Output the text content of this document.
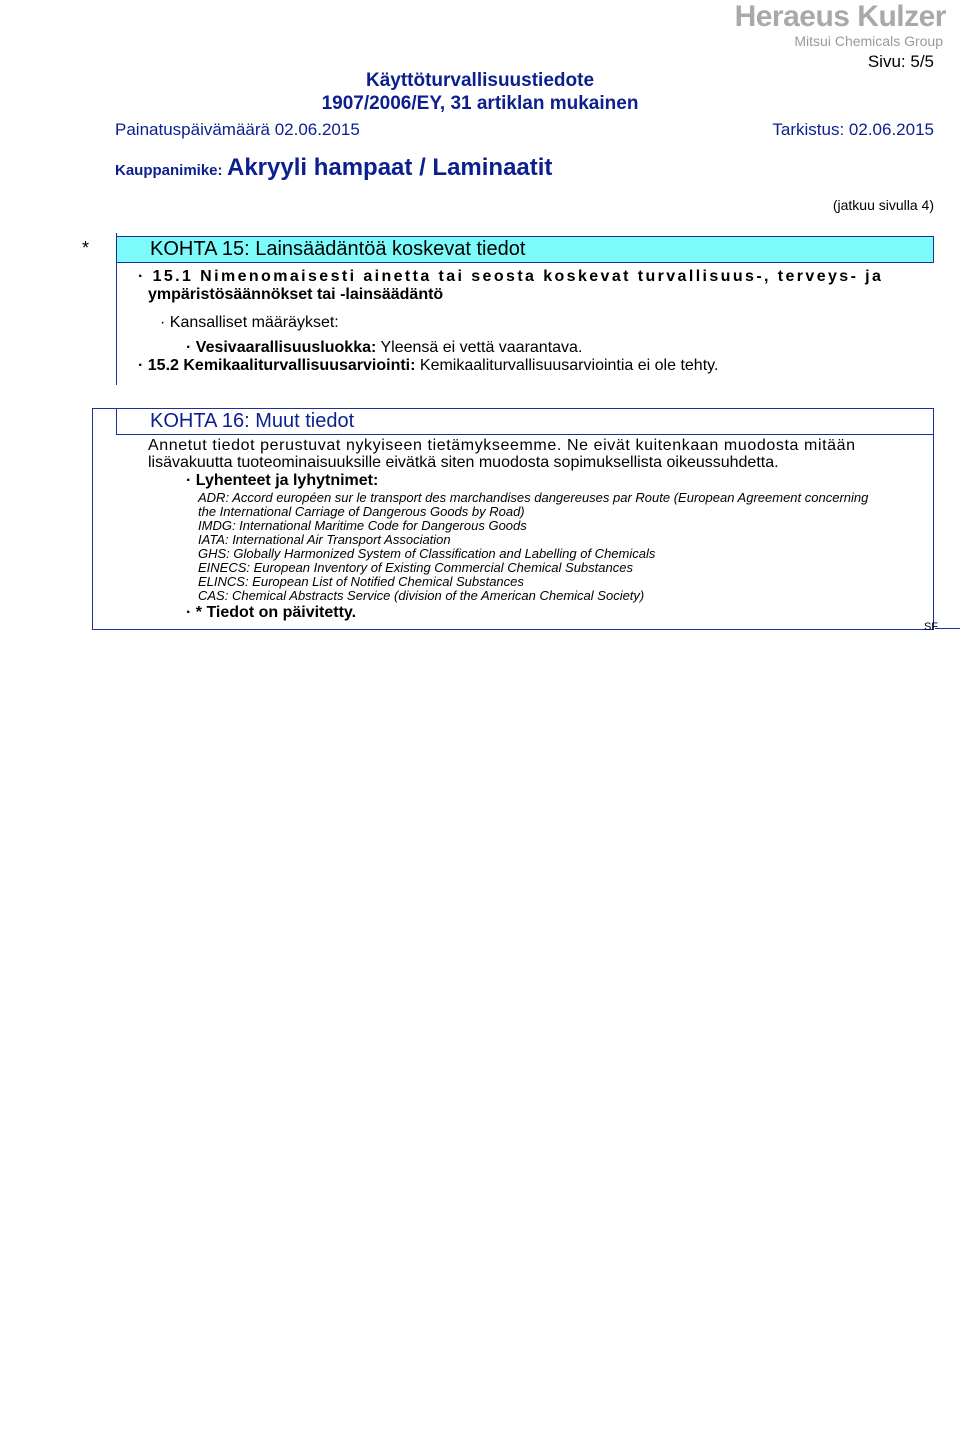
Heraeus Kulzer
Mitsui Chemicals Group
Sivu: 5/5
Käyttöturvallisuustiedote
1907/2006/EY, 31 artiklan mukainen
Painatuspäivämäärä 02.06.2015	Tarkistus: 02.06.2015
Kauppanimike: Akryyli hampaat / Laminaatit
(jatkuu sivulla 4)
*	KOHTA 15: Lainsäädäntöä koskevat tiedot
· 15.1 Nimenomaisesti ainetta tai seosta koskevat turvallisuus-, terveys- ja
ympäristösäännökset tai -lainsäädäntö
· Kansalliset määräykset:
· Vesivaarallisuusluokka: Yleensä ei vettä vaarantava.
· 15.2 Kemikaaliturvallisuusarviointi: Kemikaaliturvallisuusarviointia ei ole tehty.
KOHTA 16: Muut tiedot
Annetut tiedot perustuvat nykyiseen tietämykseemme. Ne eivät kuitenkaan muodosta mitään
lisävakuutta tuoteominaisuuksille eivätkä siten muodosta sopimuksellista oikeussuhdetta.
· Lyhenteet ja lyhytnimet:
ADR: Accord européen sur le transport des marchandises dangereuses par Route (European Agreement concerning
the International Carriage of Dangerous Goods by Road)
IMDG: International Maritime Code for Dangerous Goods
IATA: International Air Transport Association
GHS: Globally Harmonized System of Classification and Labelling of Chemicals
EINECS: European Inventory of Existing Commercial Chemical Substances
ELINCS: European List of Notified Chemical Substances
CAS: Chemical Abstracts Service (division of the American Chemical Society)
· * Tiedot on päivitetty.
SF
